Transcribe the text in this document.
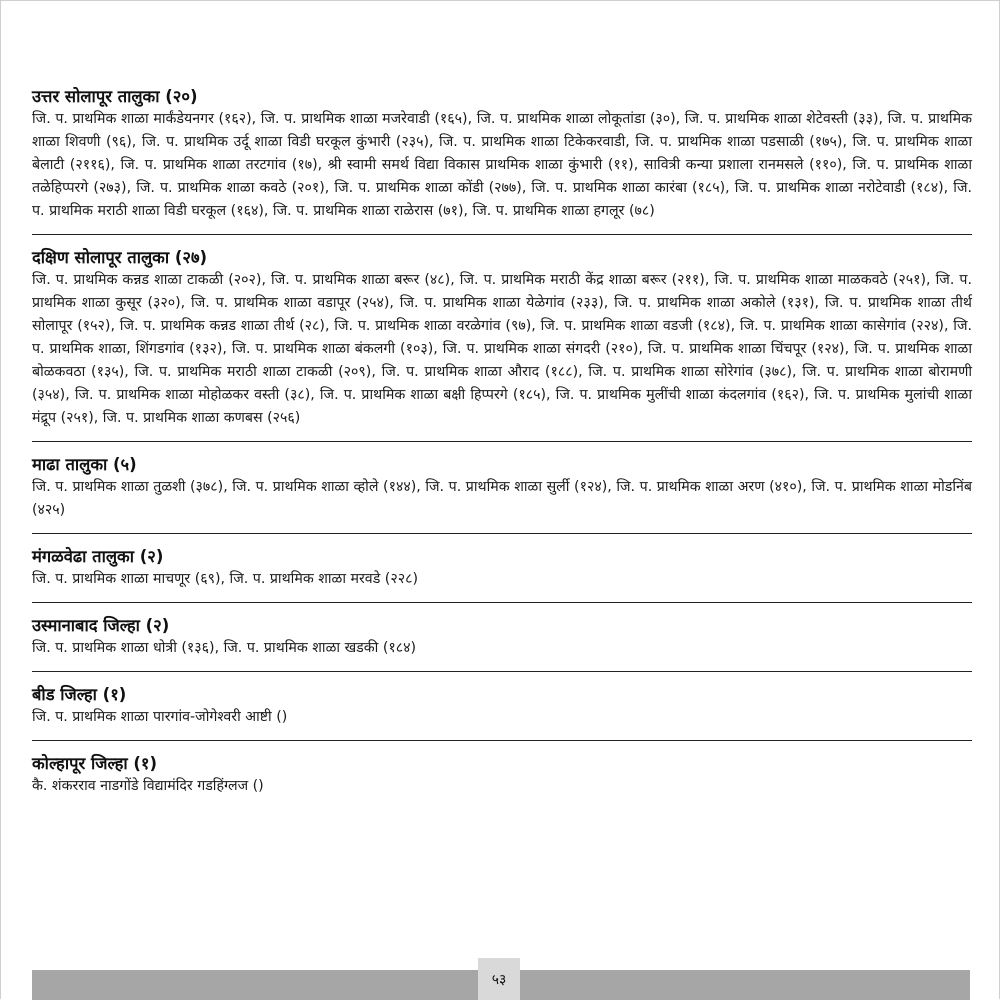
उत्तर सोलापूर तालुका (२०)

जि. प. प्राथमिक शाळा मार्कंडेयनगर (१६२), जि. प. प्राथमिक शाळा मजरेवाडी (१६५), जि. प. प्राथमिक शाळा लोकूतांडा (३०), जि. प. प्राथमिक शाळा शेटेवस्ती (३३), जि. प. प्राथमिक शाळा शिवणी (९६), जि. प. प्राथमिक उर्दू शाळा विडी घरकूल कुंभारी (२३५), जि. प. प्राथमिक शाळा टिकेकरवाडी, जि. प. प्राथमिक शाळा पडसाळी (१७५), जि. प. प्राथमिक शाळा बेलाटी (२११६), जि. प. प्राथमिक शाळा तरटगांव (१७), श्री स्वामी समर्थ विद्या विकास प्राथमिक शाळा कुंभारी (११), सावित्री कन्या प्रशाला रानमसले (११०), जि. प. प्राथमिक शाळा तळेहिप्परगे (२७३), जि. प. प्राथमिक शाळा कवठे (२०१), जि. प. प्राथमिक शाळा कोंडी (२७७), जि. प. प्राथमिक शाळा कारंबा (१८५), जि. प. प्राथमिक शाळा नरोटेवाडी (१८४), जि. प. प्राथमिक मराठी शाळा विडी घरकूल (१६४), जि. प. प्राथमिक शाळा राळेरास (७१), जि. प. प्राथमिक शाळा हगलूर (७८)

दक्षिण सोलापूर तालुका (२७)

जि. प. प्राथमिक कन्नड शाळा टाकळी (२०२), जि. प. प्राथमिक शाळा बरूर (४८), जि. प. प्राथमिक मराठी केंद्र शाळा बरूर (२११), जि. प. प्राथमिक शाळा माळकवठे (२५१), जि. प. प्राथमिक शाळा कुसूर (३२०), जि. प. प्राथमिक शाळा वडापूर (२५४), जि. प. प्राथमिक शाळा येळेगांव (२३३), जि. प. प्राथमिक शाळा अकोले (१३१), जि. प. प्राथमिक शाळा तीर्थ सोलापूर (१५२), जि. प. प्राथमिक कन्नड शाळा तीर्थ (२८), जि. प. प्राथमिक शाळा वरळेगांव (९७), जि. प. प्राथमिक शाळा वडजी (१८४), जि. प. प्राथमिक शाळा कासेगांव (२२४), जि. प. प्राथमिक शाळा, शिंगडगांव (१३२), जि. प. प्राथमिक शाळा बंकलगी (१०३), जि. प. प्राथमिक शाळा संगदरी (२१०), जि. प. प्राथमिक शाळा चिंचपूर (१२४), जि. प. प्राथमिक शाळा बोळकवठा (१३५), जि. प. प्राथमिक मराठी शाळा टाकळी (२०९), जि. प. प्राथमिक शाळा औराद (१८८), जि. प. प्राथमिक शाळा सोरेगांव (३७८), जि. प. प्राथमिक शाळा बोरामणी (३५४), जि. प. प्राथमिक शाळा मोहोळकर वस्ती (३८), जि. प. प्राथमिक शाळा बक्षी हिप्परगे (१८५), जि. प. प्राथमिक मुलींची शाळा कंदलगांव (१६२), जि. प. प्राथमिक मुलांची शाळा मंद्रूप (२५१), जि. प. प्राथमिक शाळा कणबस (२५६)

माढा तालुका (५)

जि. प. प्राथमिक शाळा तुळशी (३७८), जि. प. प्राथमिक शाळा व्होले (१४४), जि. प. प्राथमिक शाळा सुर्ली (१२४), जि. प. प्राथमिक शाळा अरण (४१०), जि. प. प्राथमिक शाळा मोडनिंब (४२५)

मंगळवेढा तालुका (२)

जि. प. प्राथमिक शाळा माचणूर (६९), जि. प. प्राथमिक शाळा मरवडे (२२८)

उस्मानाबाद जिल्हा (२)

जि. प. प्राथमिक शाळा धोत्री (१३६), जि. प. प्राथमिक शाळा खडकी (१८४)

बीड जिल्हा (१)

जि. प. प्राथमिक शाळा पारगांव-जोगेश्वरी आष्टी ()

कोल्हापूर जिल्हा (१)

कै. शंकरराव नाडगोंडे विद्यामंदिर गडहिंग्लज ()

५३
